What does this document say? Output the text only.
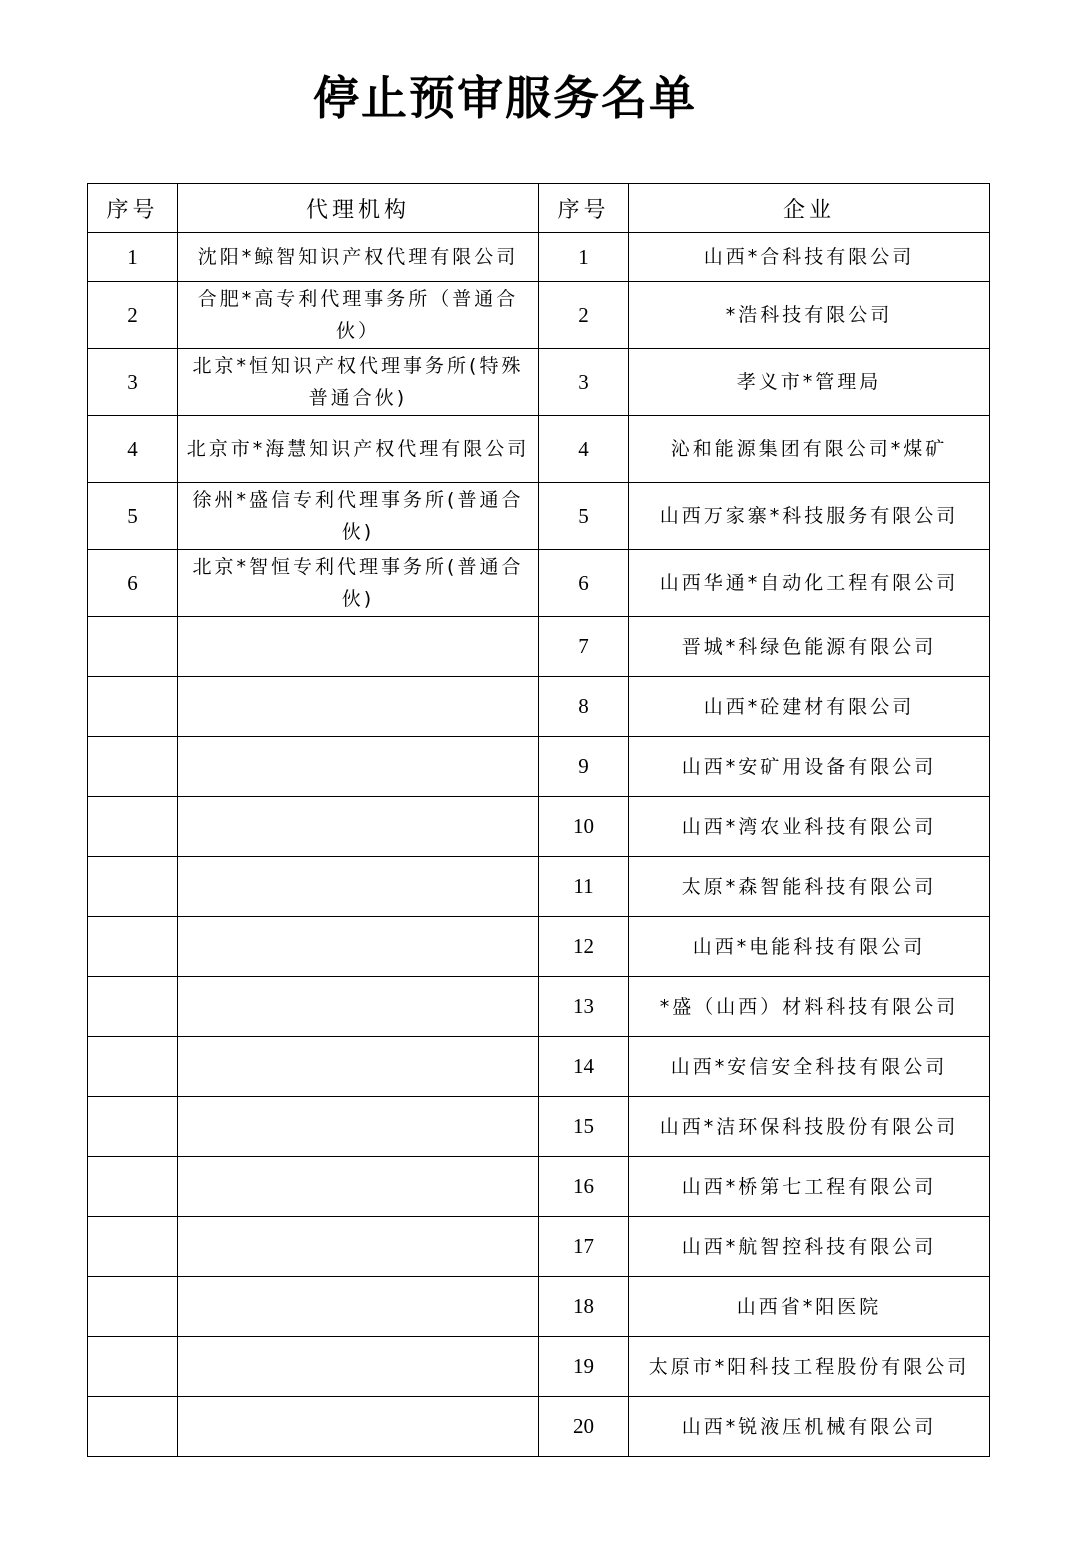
停止预审服务名单
序号	代理机构	序号	企业
1	沈阳*鲸智知识产权代理有限公司	1	山西*合科技有限公司
2	合肥*高专利代理事务所（普通合伙）	2	*浩科技有限公司
3	北京*恒知识产权代理事务所(特殊普通合伙)	3	孝义市*管理局
4	北京市*海慧知识产权代理有限公司	4	沁和能源集团有限公司*煤矿
5	徐州*盛信专利代理事务所(普通合伙)	5	山西万家寨*科技服务有限公司
6	北京*智恒专利代理事务所(普通合伙)	6	山西华通*自动化工程有限公司
		7	晋城*科绿色能源有限公司
		8	山西*砼建材有限公司
		9	山西*安矿用设备有限公司
		10	山西*湾农业科技有限公司
		11	太原*森智能科技有限公司
		12	山西*电能科技有限公司
		13	*盛（山西）材料科技有限公司
		14	山西*安信安全科技有限公司
		15	山西*洁环保科技股份有限公司
		16	山西*桥第七工程有限公司
		17	山西*航智控科技有限公司
		18	山西省*阳医院
		19	太原市*阳科技工程股份有限公司
		20	山西*锐液压机械有限公司
